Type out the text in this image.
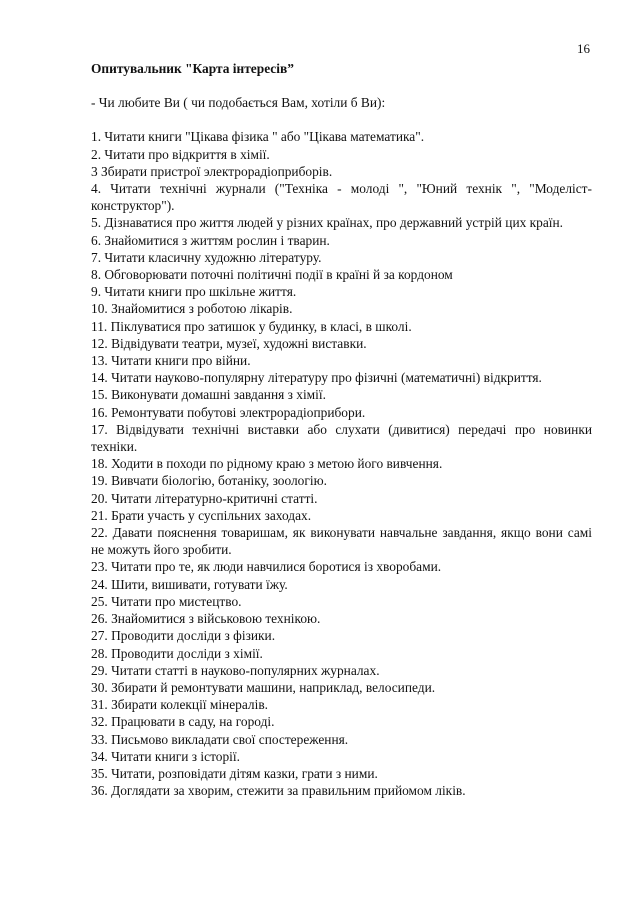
16

Опитувальник "Карта інтересів”

- Чи любите Ви ( чи подобається Вам, хотіли б Ви):
1. Читати книги "Цікава фізика " або "Цікава математика".
2. Читати про відкриття в хімії.
3 Збирати пристрої электрорадіоприборів.
4. Читати технічні журнали ("Техніка - молоді ", "Юний технік ", "Моделіст-конструктор").
5. Дізнаватися про життя людей у різних країнах, про державний устрій цих країн.
6. Знайомитися з життям рослин і тварин.
7. Читати класичну художню літературу.
8. Обговорювати поточні політичні події в країні й за кордоном
9. Читати книги про шкільне життя.
10. Знайомитися з роботою лікарів.
11. Піклуватися про затишок у будинку, в класі, в школі.
12. Відвідувати театри, музеї, художні виставки.
13. Читати книги про війни.
14. Читати науково-популярну літературу про фізичні (математичні) відкриття.
15. Виконувати домашні завдання з хімії.
16. Ремонтувати побутові электрорадіоприбори.
17. Відвідувати технічні виставки або слухати (дивитися) передачі про новинки техніки.
18. Ходити в походи по рідному краю з метою його вивчення.
19. Вивчати біологію, ботаніку, зоологію.
20. Читати літературно-критичні статті.
21. Брати участь у суспільних заходах.
22. Давати пояснення товаришам, як виконувати навчальне завдання, якщо вони самі не можуть його зробити.
23. Читати про те, як люди навчилися боротися із хворобами.
24. Шити, вишивати, готувати їжу.
25. Читати про мистецтво.
26. Знайомитися з військовою технікою.
27. Проводити досліди з фізики.
28. Проводити досліди з хімії.
29. Читати статті в науково-популярних журналах.
30. Збирати й ремонтувати машини, наприклад, велосипеди.
31. Збирати колекції мінералів.
32. Працювати в саду, на городі.
33. Письмово викладати свої спостереження.
34. Читати книги з історії.
35. Читати, розповідати дітям казки, грати з ними.
36. Доглядати за хворим, стежити за правильним прийомом ліків.
